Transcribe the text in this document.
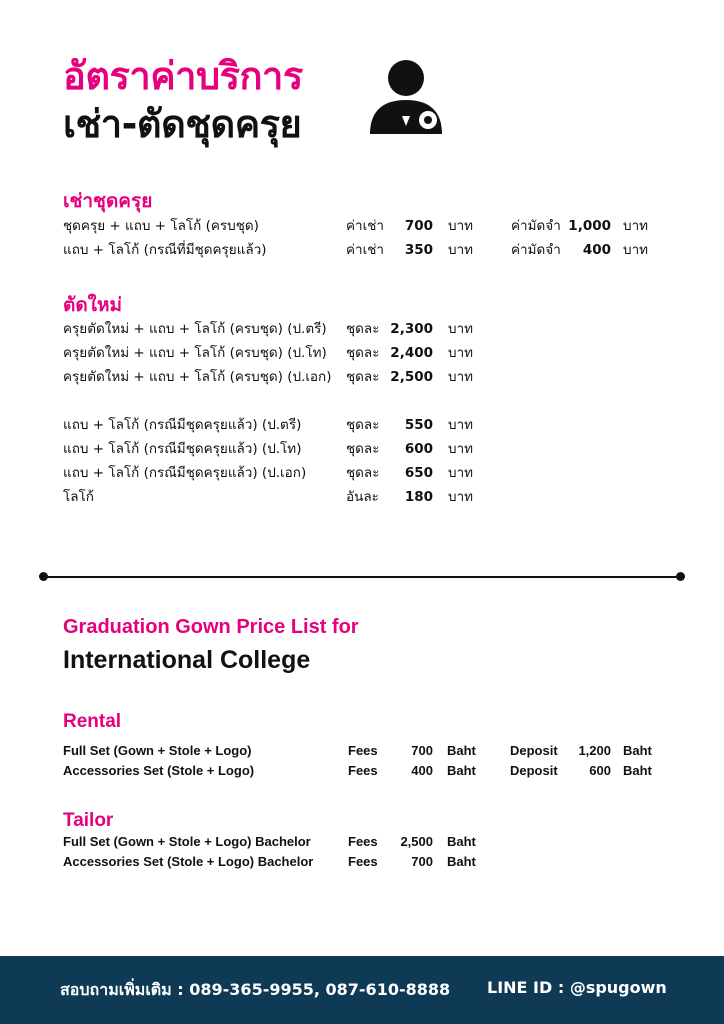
อัตราค่าบริการ
เช่า-ตัดชุดครุย
เช่าชุดครุย
ชุดครุย + แถบ + โลโก้ (ครบชุด)	ค่าเช่า	700 บาท	ค่ามัดจำ 1,000 บาท
แถบ + โลโก้ (กรณีที่มีชุดครุยแล้ว)	ค่าเช่า	350 บาท	ค่ามัดจำ	400 บาท
ตัดใหม่
ครุยตัดใหม่ + แถบ + โลโก้ (ครบชุด) (ป.ตรี) ชุดละ 2,300 บาท
ครุยตัดใหม่ + แถบ + โลโก้ (ครบชุด) (ป.โท) ชุดละ 2,400 บาท
ครุยตัดใหม่ + แถบ + โลโก้ (ครบชุด) (ป.เอก) ชุดละ 2,500 บาท
แถบ + โลโก้ (กรณีมีชุดครุยแล้ว) (ป.ตรี)	ชุดละ	550 บาท
แถบ + โลโก้ (กรณีมีชุดครุยแล้ว) (ป.โท)	ชุดละ	600 บาท
แถบ + โลโก้ (กรณีมีชุดครุยแล้ว) (ป.เอก)	ชุดละ	650 บาท
โลโก้	อันละ	180 บาท
Graduation Gown Price List for
International College
Rental
Full Set (Gown + Stole + Logo)	Fees	700 Baht	Deposit	1,200 Baht
Accessories Set (Stole + Logo)	Fees	400 Baht	Deposit	600 Baht
Tailor
Full Set (Gown + Stole + Logo) Bachelor	Fees	2,500 Baht
Accessories Set (Stole + Logo) Bachelor	Fees	700 Baht
สอบถามเพิ่มเติม : 089-365-9955, 087-610-8888 LINE ID : @spugown
